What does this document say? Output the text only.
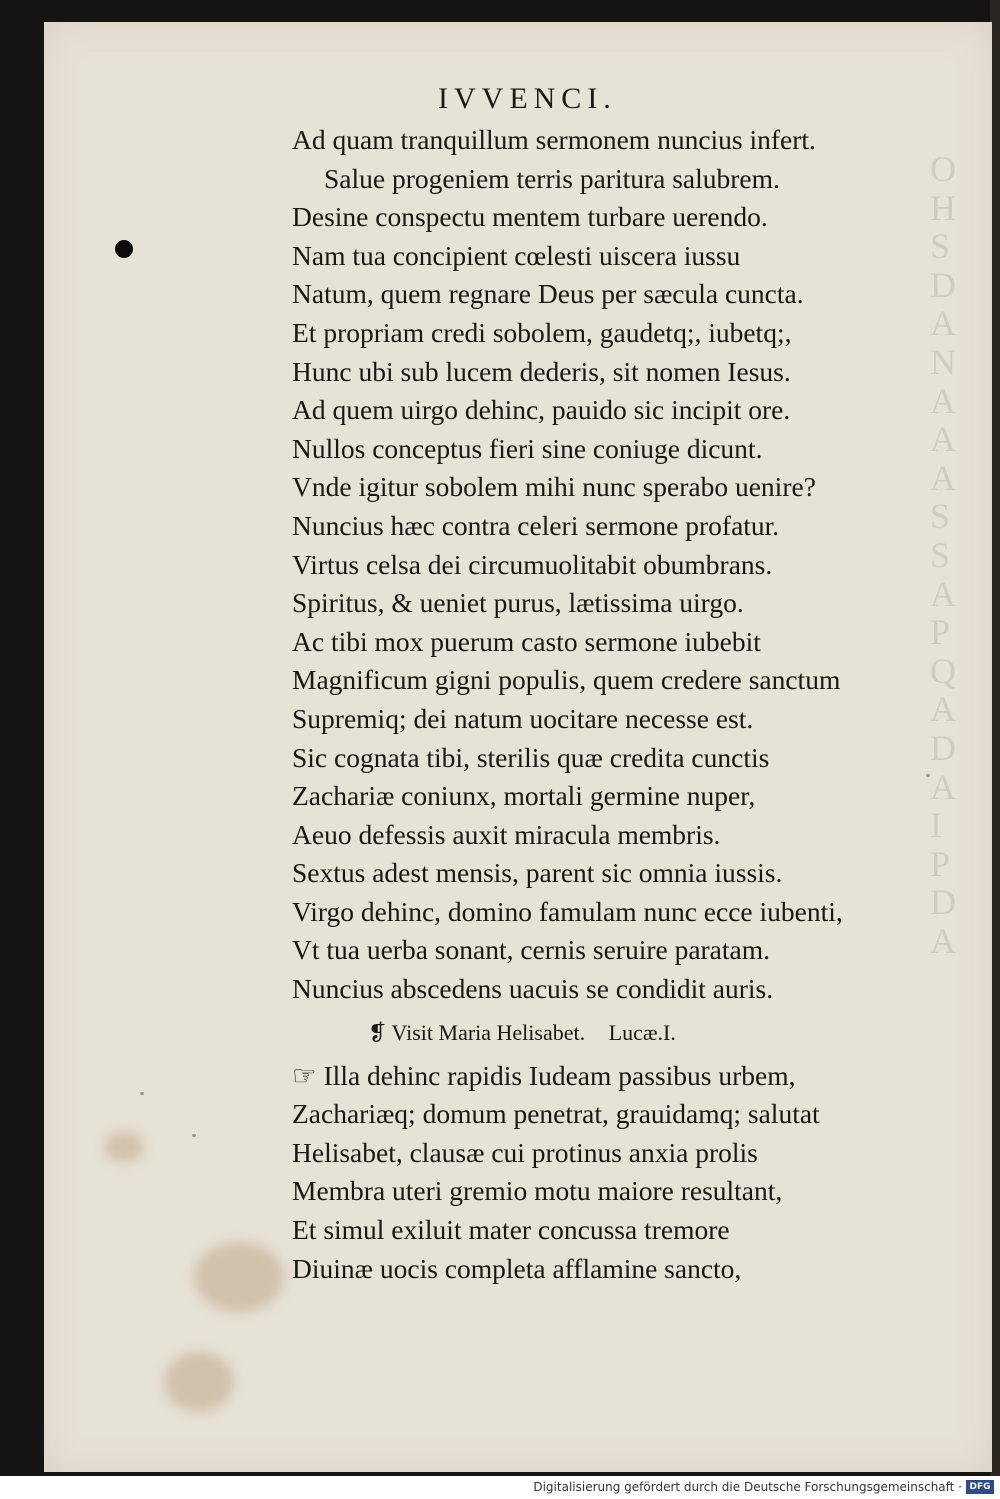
O
H
S
D
A
N
A
A
A
S
S
A
P
Q
A
D
A
I
P
D
A
IVVENCI.
Ad quam tranquillum sermonem nuncius infert.
Salue progeniem terris paritura salubrem.
Desine conspectu mentem turbare uerendo.
Nam tua concipient cœlesti uiscera iussu
Natum, quem regnare Deus per sæcula cuncta.
Et propriam credi sobolem, gaudetq;, iubetq;,
Hunc ubi sub lucem dederis, sit nomen Iesus.
Ad quem uirgo dehinc, pauido sic incipit ore.
Nullos conceptus fieri sine coniuge dicunt.
Vnde igitur sobolem mihi nunc sperabo uenire?
Nuncius hæc contra celeri sermone profatur.
Virtus celsa dei circumuolitabit obumbrans.
Spiritus, & ueniet purus, lætissima uirgo.
Ac tibi mox puerum casto sermone iubebit
Magnificum gigni populis, quem credere sanctum
Supremiq; dei natum uocitare necesse est.
Sic cognata tibi, sterilis quæ credita cunctis
Zachariæ coniunx, mortali germine nuper,
Aeuo defessis auxit miracula membris.
Sextus adest mensis, parent sic omnia iussis.
Virgo dehinc, domino famulam nunc ecce iubenti,
Vt tua uerba sonant, cernis seruire paratam.
Nuncius abscedens uacuis se condidit auris.
❡ Visit Maria Helisabet. Lucæ.I.
☞ Illa dehinc rapidis Iudeam passibus urbem,
Zachariæq; domum penetrat, grauidamq; salutat
Helisabet, clausæ cui protinus anxia prolis
Membra uteri gremio motu maiore resultant,
Et simul exiluit mater concussa tremore
Diuinæ uocis completa afflamine sancto,
Digitalisierung gefördert durch die Deutsche Forschungsgemeinschaft · DFG
